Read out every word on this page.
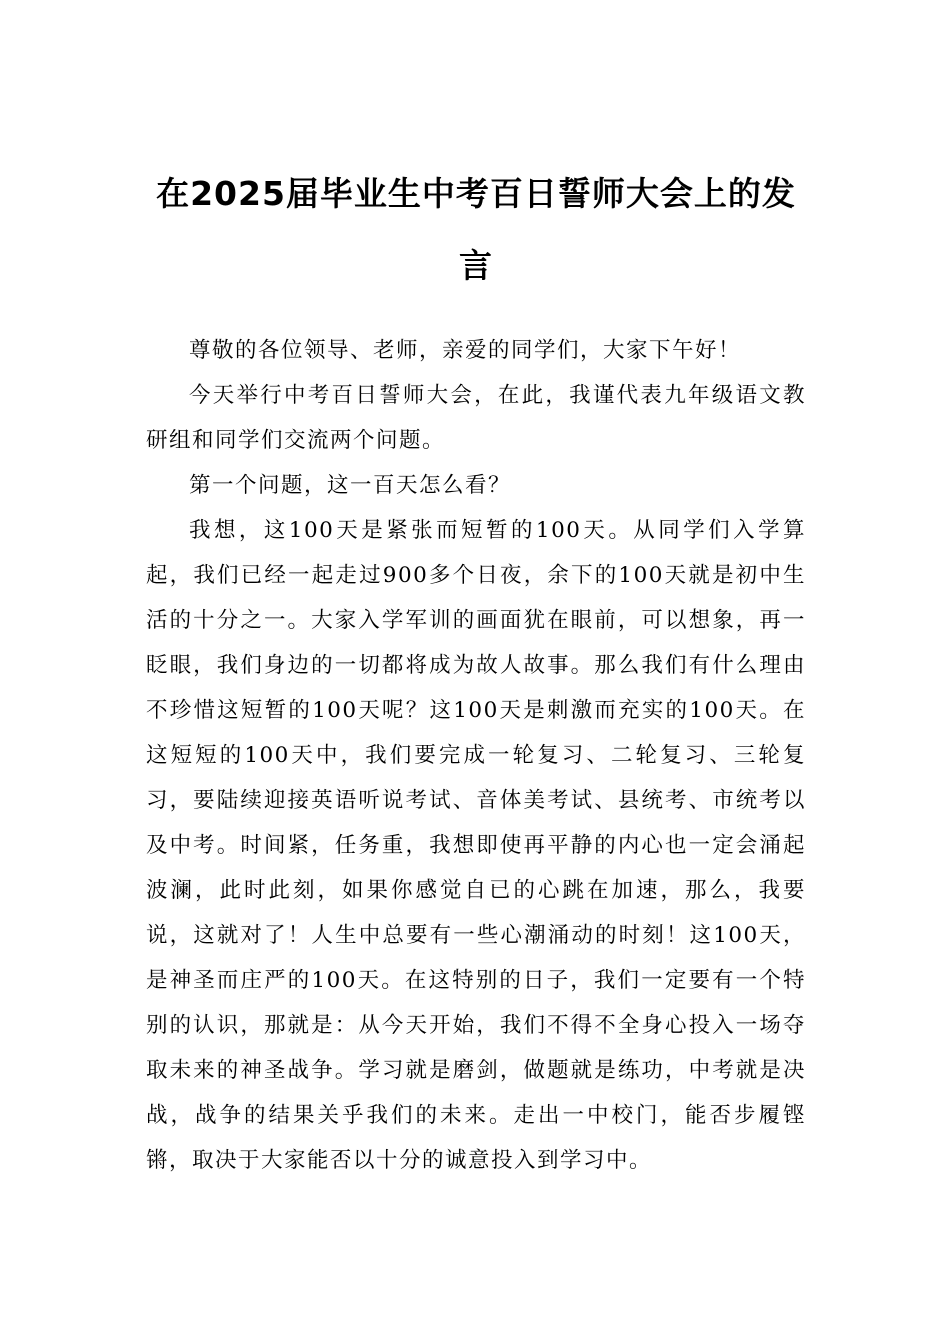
在2025届毕业生中考百日誓师大会上的发言

尊敬的各位领导、老师，亲爱的同学们，大家下午好！

今天举行中考百日誓师大会，在此，我谨代表九年级语文教研组和同学们交流两个问题。

第一个问题，这一百天怎么看？

我想，这100天是紧张而短暂的100天。从同学们入学算起，我们已经一起走过900多个日夜，余下的100天就是初中生活的十分之一。大家入学军训的画面犹在眼前，可以想象，再一眨眼，我们身边的一切都将成为故人故事。那么我们有什么理由不珍惜这短暂的100天呢？这100天是刺激而充实的100天。在这短短的100天中，我们要完成一轮复习、二轮复习、三轮复习，要陆续迎接英语听说考试、音体美考试、县统考、市统考以及中考。时间紧，任务重，我想即使再平静的内心也一定会涌起波澜，此时此刻，如果你感觉自已的心跳在加速，那么，我要说，这就对了！人生中总要有一些心潮涌动的时刻！这100天，是神圣而庄严的100天。在这特别的日子，我们一定要有一个特别的认识，那就是：从今天开始，我们不得不全身心投入一场夺取未来的神圣战争。学习就是磨剑，做题就是练功，中考就是决战，战争的结果关乎我们的未来。走出一中校门，能否步履铿锵，取决于大家能否以十分的诚意投入到学习中。
